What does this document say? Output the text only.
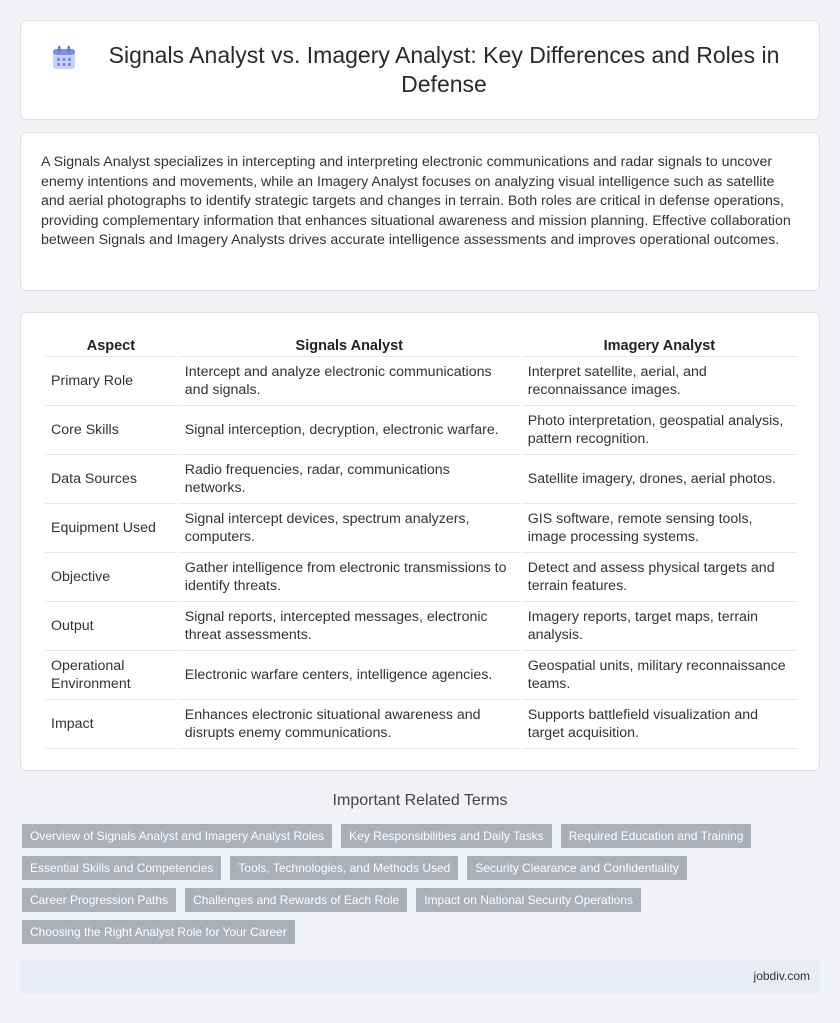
Signals Analyst vs. Imagery Analyst: Key Differences and Roles in Defense

A Signals Analyst specializes in intercepting and interpreting electronic communications and radar signals to uncover enemy intentions and movements, while an Imagery Analyst focuses on analyzing visual intelligence such as satellite and aerial photographs to identify strategic targets and changes in terrain. Both roles are critical in defense operations, providing complementary information that enhances situational awareness and mission planning. Effective collaboration between Signals and Imagery Analysts drives accurate intelligence assessments and improves operational outcomes.

Aspect	Signals Analyst	Imagery Analyst
Primary Role	Intercept and analyze electronic communications and signals.	Interpret satellite, aerial, and reconnaissance images.
Core Skills	Signal interception, decryption, electronic warfare.	Photo interpretation, geospatial analysis, pattern recognition.
Data Sources	Radio frequencies, radar, communications networks.	Satellite imagery, drones, aerial photos.
Equipment Used	Signal intercept devices, spectrum analyzers, computers.	GIS software, remote sensing tools, image processing systems.
Objective	Gather intelligence from electronic transmissions to identify threats.	Detect and assess physical targets and terrain features.
Output	Signal reports, intercepted messages, electronic threat assessments.	Imagery reports, target maps, terrain analysis.
Operational Environment	Electronic warfare centers, intelligence agencies.	Geospatial units, military reconnaissance teams.
Impact	Enhances electronic situational awareness and disrupts enemy communications.	Supports battlefield visualization and target acquisition.
Important Related Terms
Overview of Signals Analyst and Imagery Analyst Roles	Key Responsibilities and Daily Tasks	Required Education and Training
Essential Skills and Competencies	Tools, Technologies, and Methods Used	Security Clearance and Confidentiality
Career Progression Paths	Challenges and Rewards of Each Role	Impact on National Security Operations
Choosing the Right Analyst Role for Your Career
jobdiv.com
